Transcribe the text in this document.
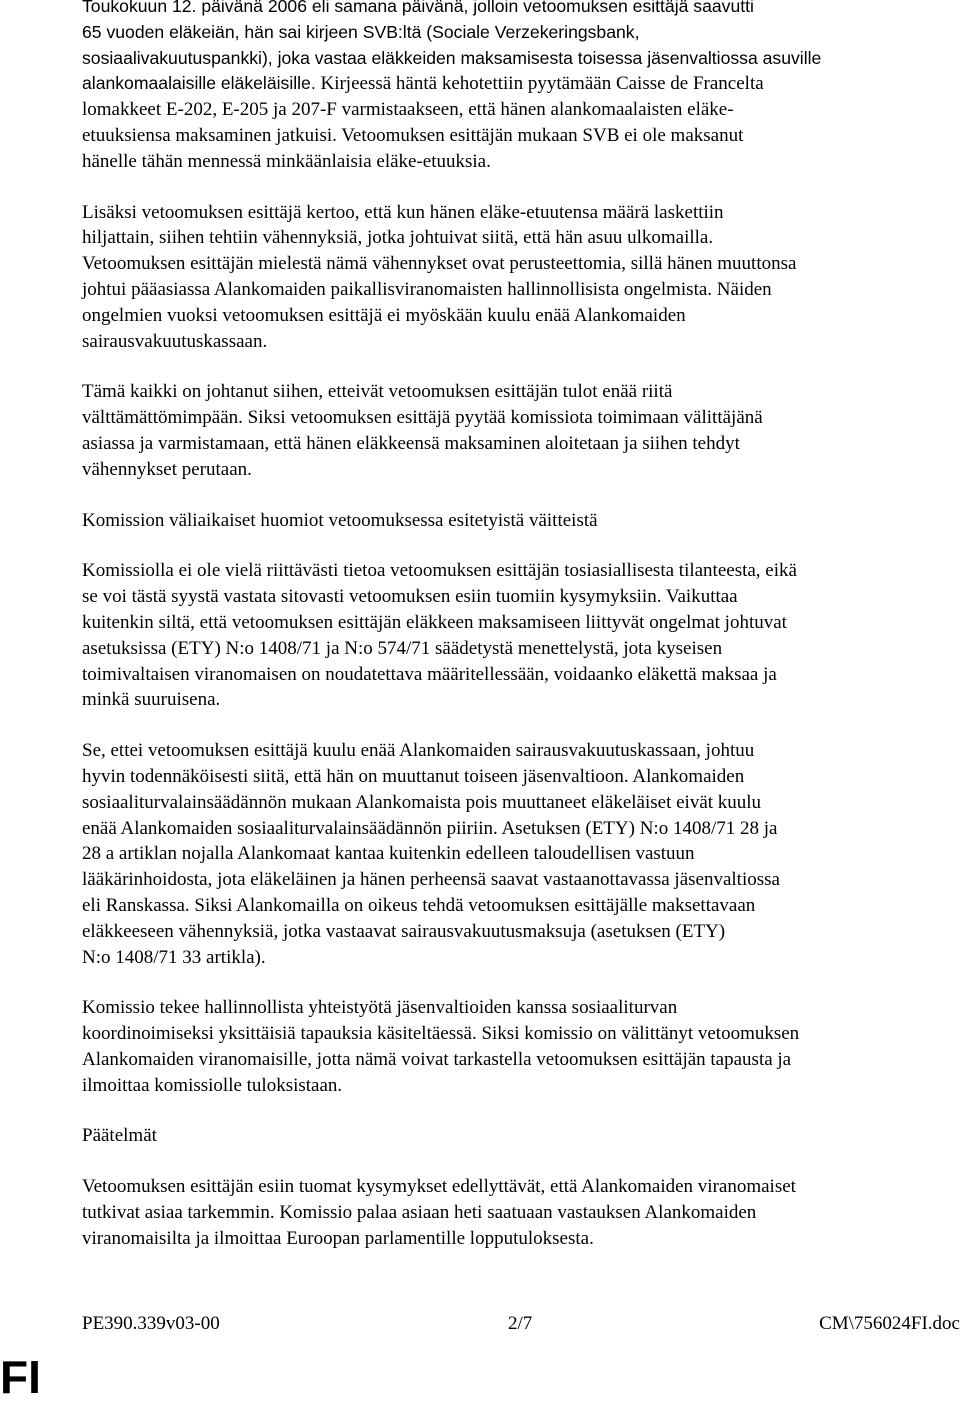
Toukokuun 12. päivänä 2006 eli samana päivänä, jolloin vetoomuksen esittäjä saavutti
65 vuoden eläkeiän, hän sai kirjeen SVB:ltä (Sociale Verzekeringsbank,
sosiaalivakuutuspankki), joka vastaa eläkkeiden maksamisesta toisessa jäsenvaltiossa asuville
alankomaalaisille eläkeläisille. Kirjeessä häntä kehotettiin pyytämään Caisse de Francelta
lomakkeet E-202, E-205 ja 207-F varmistaakseen, että hänen alankomaalaisten eläke-
etuuksiensa maksaminen jatkuisi. Vetoomuksen esittäjän mukaan SVB ei ole maksanut
hänelle tähän mennessä minkäänlaisia eläke-etuuksia.

Lisäksi vetoomuksen esittäjä kertoo, että kun hänen eläke-etuutensa määrä laskettiin
hiljattain, siihen tehtiin vähennyksiä, jotka johtuivat siitä, että hän asuu ulkomailla.
Vetoomuksen esittäjän mielestä nämä vähennykset ovat perusteettomia, sillä hänen muuttonsa
johtui pääasiassa Alankomaiden paikallisviranomaisten hallinnollisista ongelmista. Näiden
ongelmien vuoksi vetoomuksen esittäjä ei myöskään kuulu enää Alankomaiden
sairausvakuutuskassaan.

Tämä kaikki on johtanut siihen, etteivät vetoomuksen esittäjän tulot enää riitä
välttämättömimpään. Siksi vetoomuksen esittäjä pyytää komissiota toimimaan välittäjänä
asiassa ja varmistamaan, että hänen eläkkeensä maksaminen aloitetaan ja siihen tehdyt
vähennykset perutaan.

Komission väliaikaiset huomiot vetoomuksessa esitetyistä väitteistä

Komissiolla ei ole vielä riittävästi tietoa vetoomuksen esittäjän tosiasiallisesta tilanteesta, eikä
se voi tästä syystä vastata sitovasti vetoomuksen esiin tuomiin kysymyksiin. Vaikuttaa
kuitenkin siltä, että vetoomuksen esittäjän eläkkeen maksamiseen liittyvät ongelmat johtuvat
asetuksissa (ETY) N:o 1408/71 ja N:o 574/71 säädetystä menettelystä, jota kyseisen
toimivaltaisen viranomaisen on noudatettava määritellessään, voidaanko eläkettä maksaa ja
minkä suuruisena.

Se, ettei vetoomuksen esittäjä kuulu enää Alankomaiden sairausvakuutuskassaan, johtuu
hyvin todennäköisesti siitä, että hän on muuttanut toiseen jäsenvaltioon. Alankomaiden
sosiaaliturvalainsäädännön mukaan Alankomaista pois muuttaneet eläkeläiset eivät kuulu
enää Alankomaiden sosiaaliturvalainsäädännön piiriin. Asetuksen (ETY) N:o 1408/71 28 ja
28 a artiklan nojalla Alankomaat kantaa kuitenkin edelleen taloudellisen vastuun
lääkärinhoidosta, jota eläkeläinen ja hänen perheensä saavat vastaanottavassa jäsenvaltiossa
eli Ranskassa. Siksi Alankomailla on oikeus tehdä vetoomuksen esittäjälle maksettavaan
eläkkeeseen vähennyksiä, jotka vastaavat sairausvakuutusmaksuja (asetuksen (ETY)
N:o 1408/71 33 artikla).

Komissio tekee hallinnollista yhteistyötä jäsenvaltioiden kanssa sosiaaliturvan
koordinoimiseksi yksittäisiä tapauksia käsiteltäessä. Siksi komissio on välittänyt vetoomuksen
Alankomaiden viranomaisille, jotta nämä voivat tarkastella vetoomuksen esittäjän tapausta ja
ilmoittaa komissiolle tuloksistaan.

Päätelmät

Vetoomuksen esittäjän esiin tuomat kysymykset edellyttävät, että Alankomaiden viranomaiset
tutkivat asiaa tarkemmin. Komissio palaa asiaan heti saatuaan vastauksen Alankomaiden
viranomaisilta ja ilmoittaa Euroopan parlamentille lopputuloksesta.

PE390.339v03-00	2/7	CM\756024FI.doc
FI
